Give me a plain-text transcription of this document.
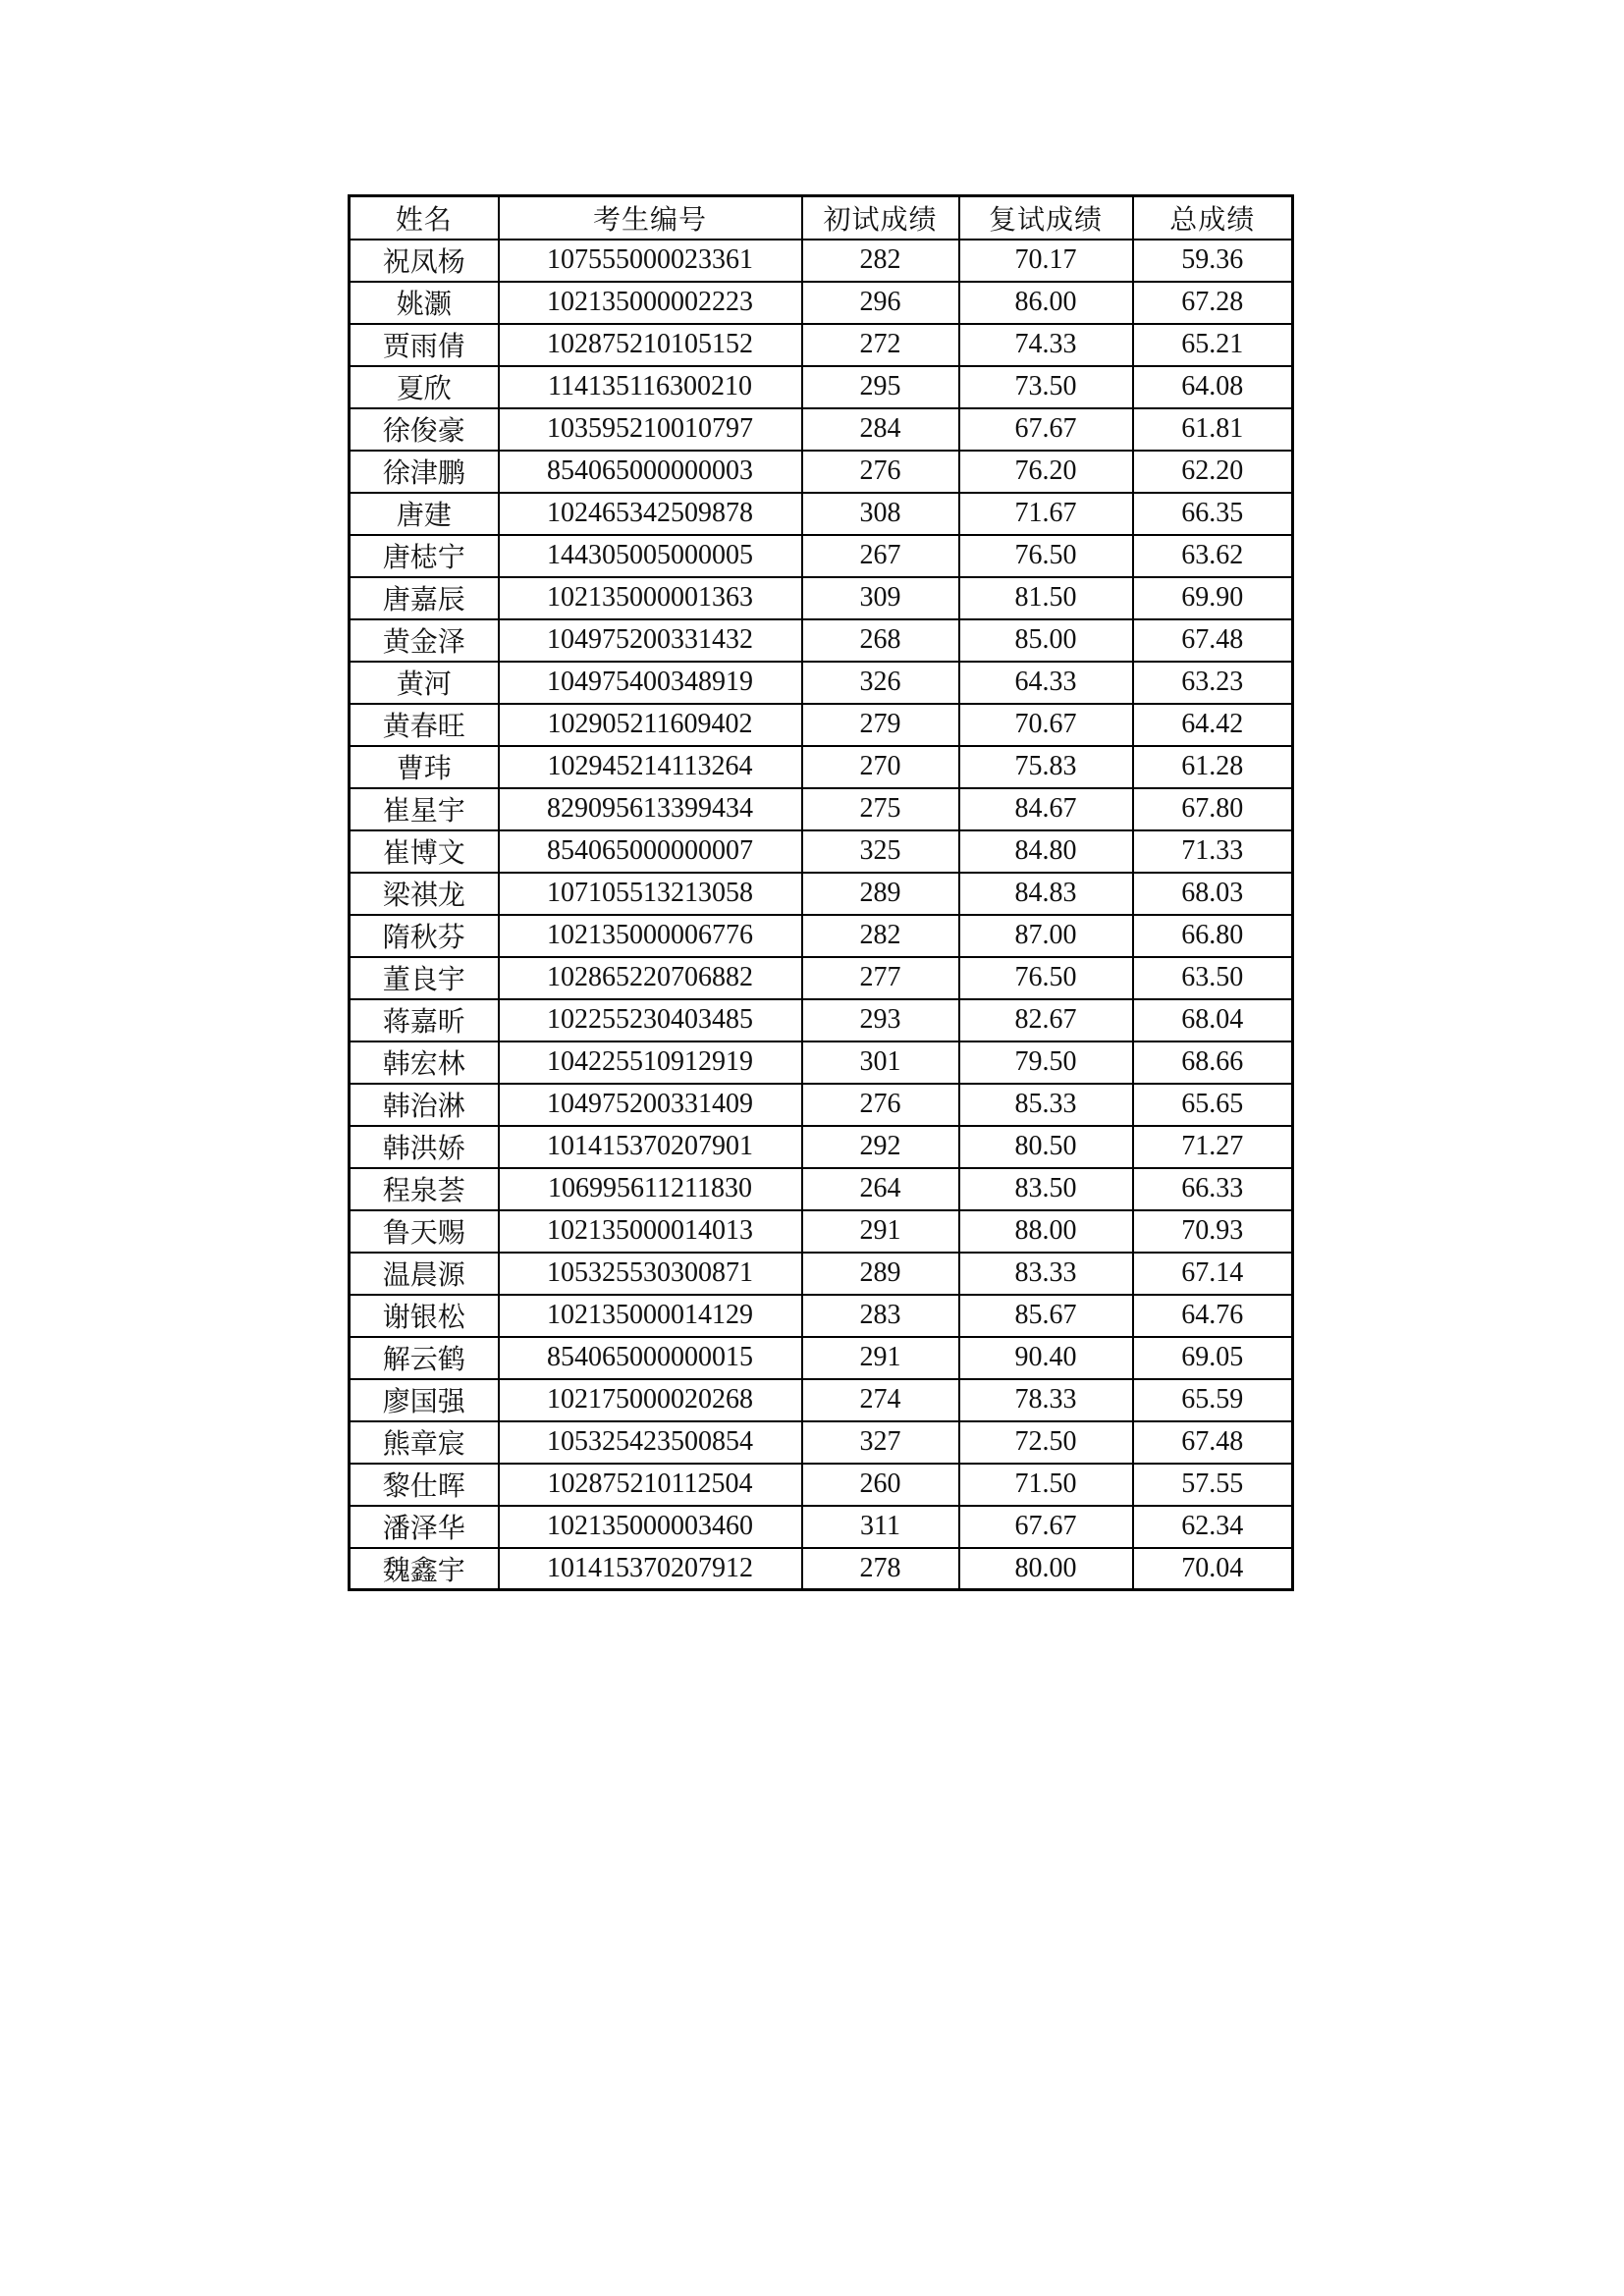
姓名	考生编号	初试成绩	复试成绩	总成绩
祝凤杨	107555000023361	282	70.17	59.36
姚灏	102135000002223	296	86.00	67.28
贾雨倩	102875210105152	272	74.33	65.21
夏欣	114135116300210	295	73.50	64.08
徐俊豪	103595210010797	284	67.67	61.81
徐津鹏	854065000000003	276	76.20	62.20
唐建	102465342509878	308	71.67	66.35
唐梽宁	144305005000005	267	76.50	63.62
唐嘉辰	102135000001363	309	81.50	69.90
黄金泽	104975200331432	268	85.00	67.48
黄河	104975400348919	326	64.33	63.23
黄春旺	102905211609402	279	70.67	64.42
曹玮	102945214113264	270	75.83	61.28
崔星宇	829095613399434	275	84.67	67.80
崔博文	854065000000007	325	84.80	71.33
梁祺龙	107105513213058	289	84.83	68.03
隋秋芬	102135000006776	282	87.00	66.80
董良宇	102865220706882	277	76.50	63.50
蒋嘉昕	102255230403485	293	82.67	68.04
韩宏林	104225510912919	301	79.50	68.66
韩治淋	104975200331409	276	85.33	65.65
韩洪娇	101415370207901	292	80.50	71.27
程泉荟	106995611211830	264	83.50	66.33
鲁天赐	102135000014013	291	88.00	70.93
温晨源	105325530300871	289	83.33	67.14
谢银松	102135000014129	283	85.67	64.76
解云鹤	854065000000015	291	90.40	69.05
廖国强	102175000020268	274	78.33	65.59
熊章宸	105325423500854	327	72.50	67.48
黎仕晖	102875210112504	260	71.50	57.55
潘泽华	102135000003460	311	67.67	62.34
魏鑫宇	101415370207912	278	80.00	70.04
